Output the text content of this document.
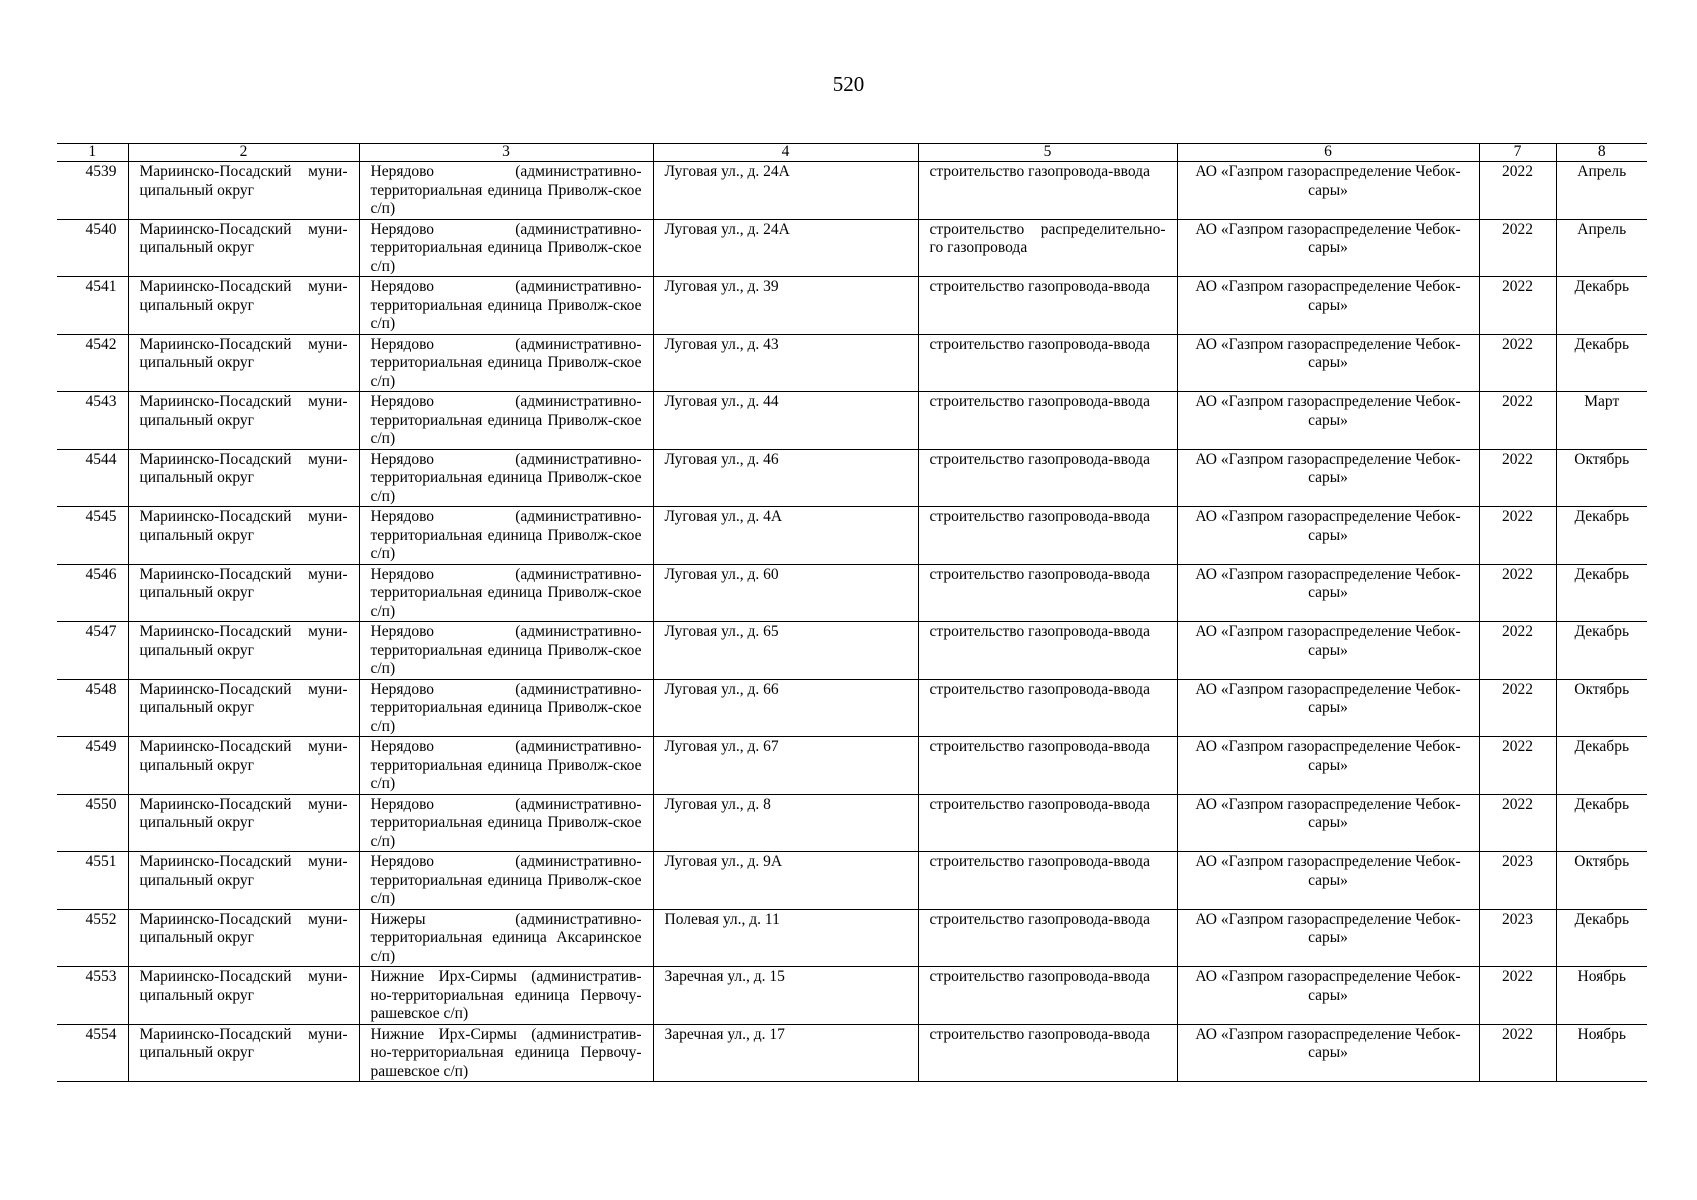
520
1	2	3	4	5	6	7	8
4539	Мариинско-Посадский муни-ципальный округ	Нерядово (административно-территориальная единица Приволж-ское с/п)	Луговая ул., д. 24А	строительство газопровода-ввода	АО «Газпром газораспределение Чебок-сары»	2022	Апрель
4540	Мариинско-Посадский муни-ципальный округ	Нерядово (административно-территориальная единица Приволж-ское с/п)	Луговая ул., д. 24А	строительство распределительно-го газопровода	АО «Газпром газораспределение Чебок-сары»	2022	Апрель
4541	Мариинско-Посадский муни-ципальный округ	Нерядово (административно-территориальная единица Приволж-ское с/п)	Луговая ул., д. 39	строительство газопровода-ввода	АО «Газпром газораспределение Чебок-сары»	2022	Декабрь
4542	Мариинско-Посадский муни-ципальный округ	Нерядово (административно-территориальная единица Приволж-ское с/п)	Луговая ул., д. 43	строительство газопровода-ввода	АО «Газпром газораспределение Чебок-сары»	2022	Декабрь
4543	Мариинско-Посадский муни-ципальный округ	Нерядово (административно-территориальная единица Приволж-ское с/п)	Луговая ул., д. 44	строительство газопровода-ввода	АО «Газпром газораспределение Чебок-сары»	2022	Март
4544	Мариинско-Посадский муни-ципальный округ	Нерядово (административно-территориальная единица Приволж-ское с/п)	Луговая ул., д. 46	строительство газопровода-ввода	АО «Газпром газораспределение Чебок-сары»	2022	Октябрь
4545	Мариинско-Посадский муни-ципальный округ	Нерядово (административно-территориальная единица Приволж-ское с/п)	Луговая ул., д. 4А	строительство газопровода-ввода	АО «Газпром газораспределение Чебок-сары»	2022	Декабрь
4546	Мариинско-Посадский муни-ципальный округ	Нерядово (административно-территориальная единица Приволж-ское с/п)	Луговая ул., д. 60	строительство газопровода-ввода	АО «Газпром газораспределение Чебок-сары»	2022	Декабрь
4547	Мариинско-Посадский муни-ципальный округ	Нерядово (административно-территориальная единица Приволж-ское с/п)	Луговая ул., д. 65	строительство газопровода-ввода	АО «Газпром газораспределение Чебок-сары»	2022	Декабрь
4548	Мариинско-Посадский муни-ципальный округ	Нерядово (административно-территориальная единица Приволж-ское с/п)	Луговая ул., д. 66	строительство газопровода-ввода	АО «Газпром газораспределение Чебок-сары»	2022	Октябрь
4549	Мариинско-Посадский муни-ципальный округ	Нерядово (административно-территориальная единица Приволж-ское с/п)	Луговая ул., д. 67	строительство газопровода-ввода	АО «Газпром газораспределение Чебок-сары»	2022	Декабрь
4550	Мариинско-Посадский муни-ципальный округ	Нерядово (административно-территориальная единица Приволж-ское с/п)	Луговая ул., д. 8	строительство газопровода-ввода	АО «Газпром газораспределение Чебок-сары»	2022	Декабрь
4551	Мариинско-Посадский муни-ципальный округ	Нерядово (административно-территориальная единица Приволж-ское с/п)	Луговая ул., д. 9А	строительство газопровода-ввода	АО «Газпром газораспределение Чебок-сары»	2023	Октябрь
4552	Мариинско-Посадский муни-ципальный округ	Нижеры (административно-территориальная единица Аксаринское с/п)	Полевая ул., д. 11	строительство газопровода-ввода	АО «Газпром газораспределение Чебок-сары»	2023	Декабрь
4553	Мариинско-Посадский муни-ципальный округ	Нижние Ирх-Сирмы (административ-но-территориальная единица Первочу-рашевское с/п)	Заречная ул., д. 15	строительство газопровода-ввода	АО «Газпром газораспределение Чебок-сары»	2022	Ноябрь
4554	Мариинско-Посадский муни-ципальный округ	Нижние Ирх-Сирмы (административ-но-территориальная единица Первочу-рашевское с/п)	Заречная ул., д. 17	строительство газопровода-ввода	АО «Газпром газораспределение Чебок-сары»	2022	Ноябрь
